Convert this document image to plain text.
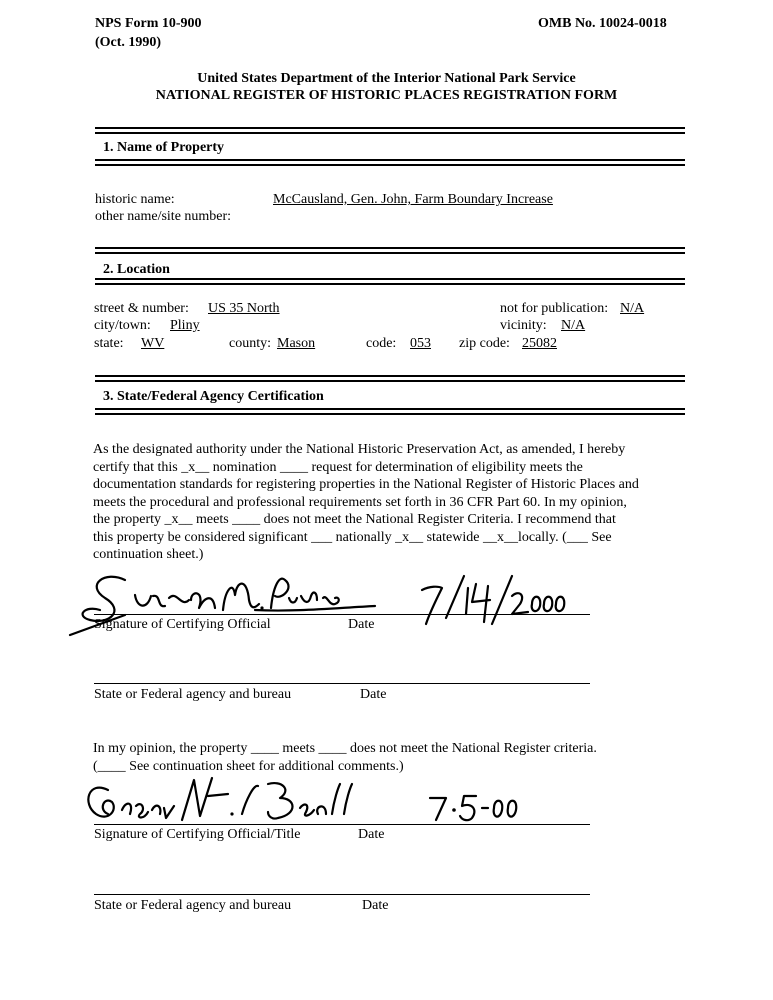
NPS Form 10-900
(Oct. 1990)
OMB No. 10024-0018
United States Department of the Interior National Park Service
NATIONAL REGISTER OF HISTORIC PLACES REGISTRATION FORM
1. Name of Property
historic name:	McCausland, Gen. John, Farm Boundary Increase
other name/site number:
2. Location
street & number: US 35 North	not for publication: N/A
city/town: Pliny	vicinity: N/A
state: WV	county: Mason	code: 053 zip code: 25082
3. State/Federal Agency Certification
As the designated authority under the National Historic Preservation Act, as amended, I hereby
certify that this _x__ nomination ____ request for determination of eligibility meets the
documentation standards for registering properties in the National Register of Historic Places and
meets the procedural and professional requirements set forth in 36 CFR Part 60. In my opinion,
the property _x__ meets ____ does not meet the National Register Criteria. I recommend that
this property be considered significant ___ nationally _x__ statewide __x__locally. (___ See
continuation sheet.)
Signature of Certifying Official	Date
State or Federal agency and bureau	Date
In my opinion, the property ____ meets ____ does not meet the National Register criteria.
(____ See continuation sheet for additional comments.)
Signature of Certifying Official/Title	Date
State or Federal agency and bureau	Date
